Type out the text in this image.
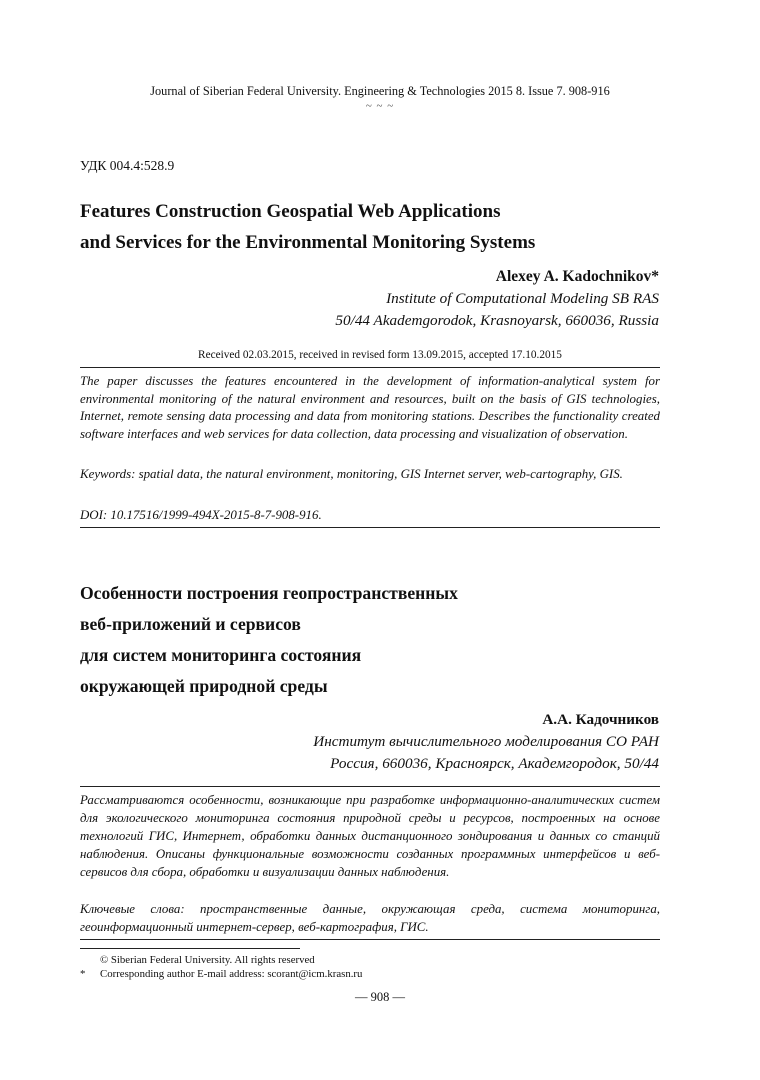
Journal of Siberian Federal University. Engineering & Technologies 2015 8. Issue 7. 908-916
~ ~ ~
УДК 004.4:528.9
Features Construction Geospatial Web Applications
and Services for the Environmental Monitoring Systems
Alexey A. Kadochnikov*
Institute of Computational Modeling SB RAS
50/44 Akademgorodok, Krasnoyarsk, 660036, Russia
Received 02.03.2015, received in revised form 13.09.2015, accepted 17.10.2015
The paper discusses the features encountered in the development of information-analytical system for environmental monitoring of the natural environment and resources, built on the basis of GIS technologies, Internet, remote sensing data processing and data from monitoring stations. Describes the functionality created software interfaces and web services for data collection, data processing and visualization of observation.
Keywords: spatial data, the natural environment, monitoring, GIS Internet server, web-cartography, GIS.
DOI: 10.17516/1999-494X-2015-8-7-908-916.
Особенности построения геопространственных
веб-приложений и сервисов
для систем мониторинга состояния
окружающей природной среды
А.А. Кадочников
Институт вычислительного моделирования СО РАН
Россия, 660036, Красноярск, Академгородок, 50/44
Рассматриваются особенности, возникающие при разработке информационно-аналитических систем для экологического мониторинга состояния природной среды и ресурсов, построенных на основе технологий ГИС, Интернет, обработки данных дистанционного зондирования и данных со станций наблюдения. Описаны функциональные возможности созданных программных интерфейсов и веб-сервисов для сбора, обработки и визуализации данных наблюдения.
Ключевые слова: пространственные данные, окружающая среда, система мониторинга, геоинформационный интернет-сервер, веб-картография, ГИС.
© Siberian Federal University. All rights reserved
* Corresponding author E-mail address: scorant@icm.krasn.ru
— 908 —
